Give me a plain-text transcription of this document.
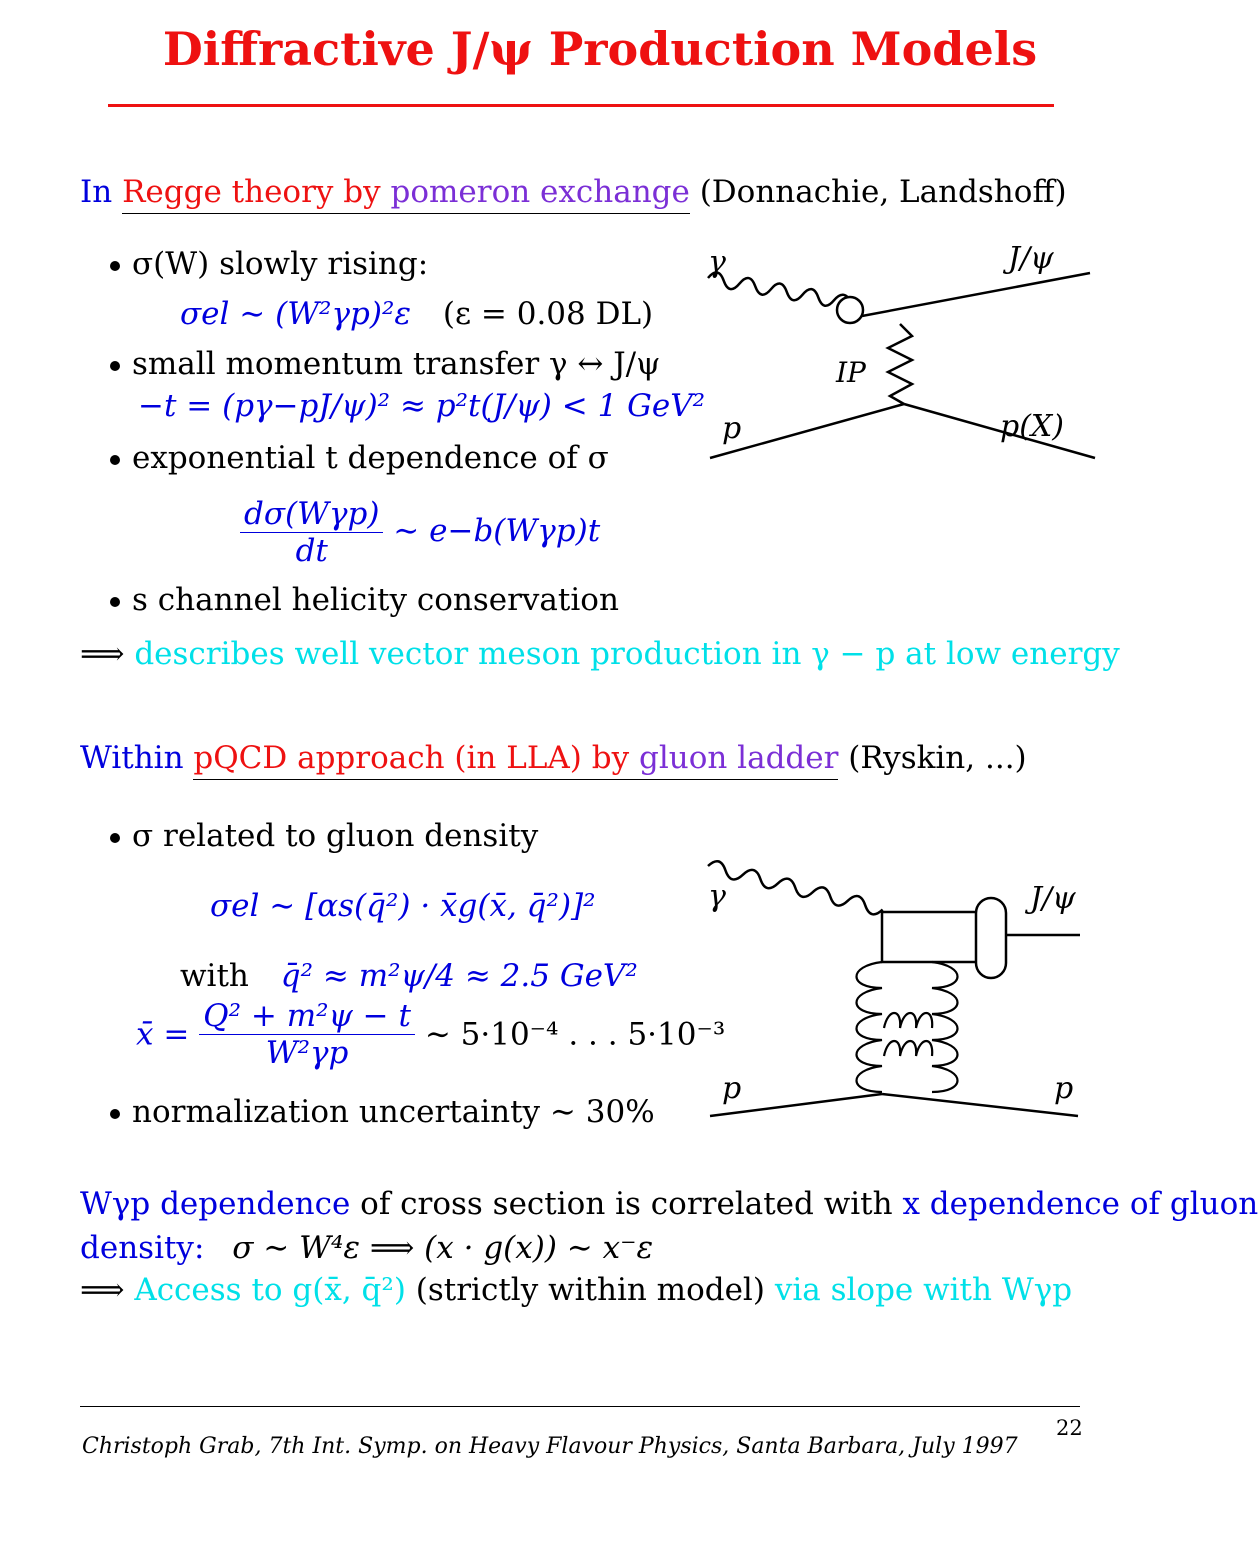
Diffractive J/ψ Production Models
In Regge theory by pomeron exchange (Donnachie, Landshoff)
σ(W) slowly rising:
σel ∼ (W²γp)²ε (ε = 0.08 DL)
small momentum transfer γ ↔ J/ψ
−t = (pγ−pJ/ψ)² ≈ p²t(J/ψ) < 1 GeV²
exponential t dependence of σ
$\frac{\text{dσ(Wγp)}}{dt}$ ∼ e−b(Wγp)t
s channel helicity conservation
⟹ describes well vector meson production in γ − p at low energy
γ	J/ψ
IP
p	p(X)
Within pQCD approach (in LLA) by gluon ladder (Ryskin, ...)
σ related to gluon density
σel ∼ [αs(q̄²) · x̄g(x̄, q̄²)]²
with q̄² ≈ m²ψ/4 ≈ 2.5 GeV²
x̄ = $\frac{\text{Q² + m²ψ − t}}{\text{W²γp}}$ ∼ 5·10⁻⁴ . . . 5·10⁻³
normalization uncertainty ∼ 30%
γ	J/ψ
p	p
Wγp dependence of cross section is correlated with x dependence of gluon
density: σ ∼ W⁴ε ⟹ (x · g(x)) ∼ x⁻ε
⟹ Access to g(x̄, q̄²) (strictly within model) via slope with Wγp
22
Christoph Grab, 7th Int. Symp. on Heavy Flavour Physics, Santa Barbara, July 1997
